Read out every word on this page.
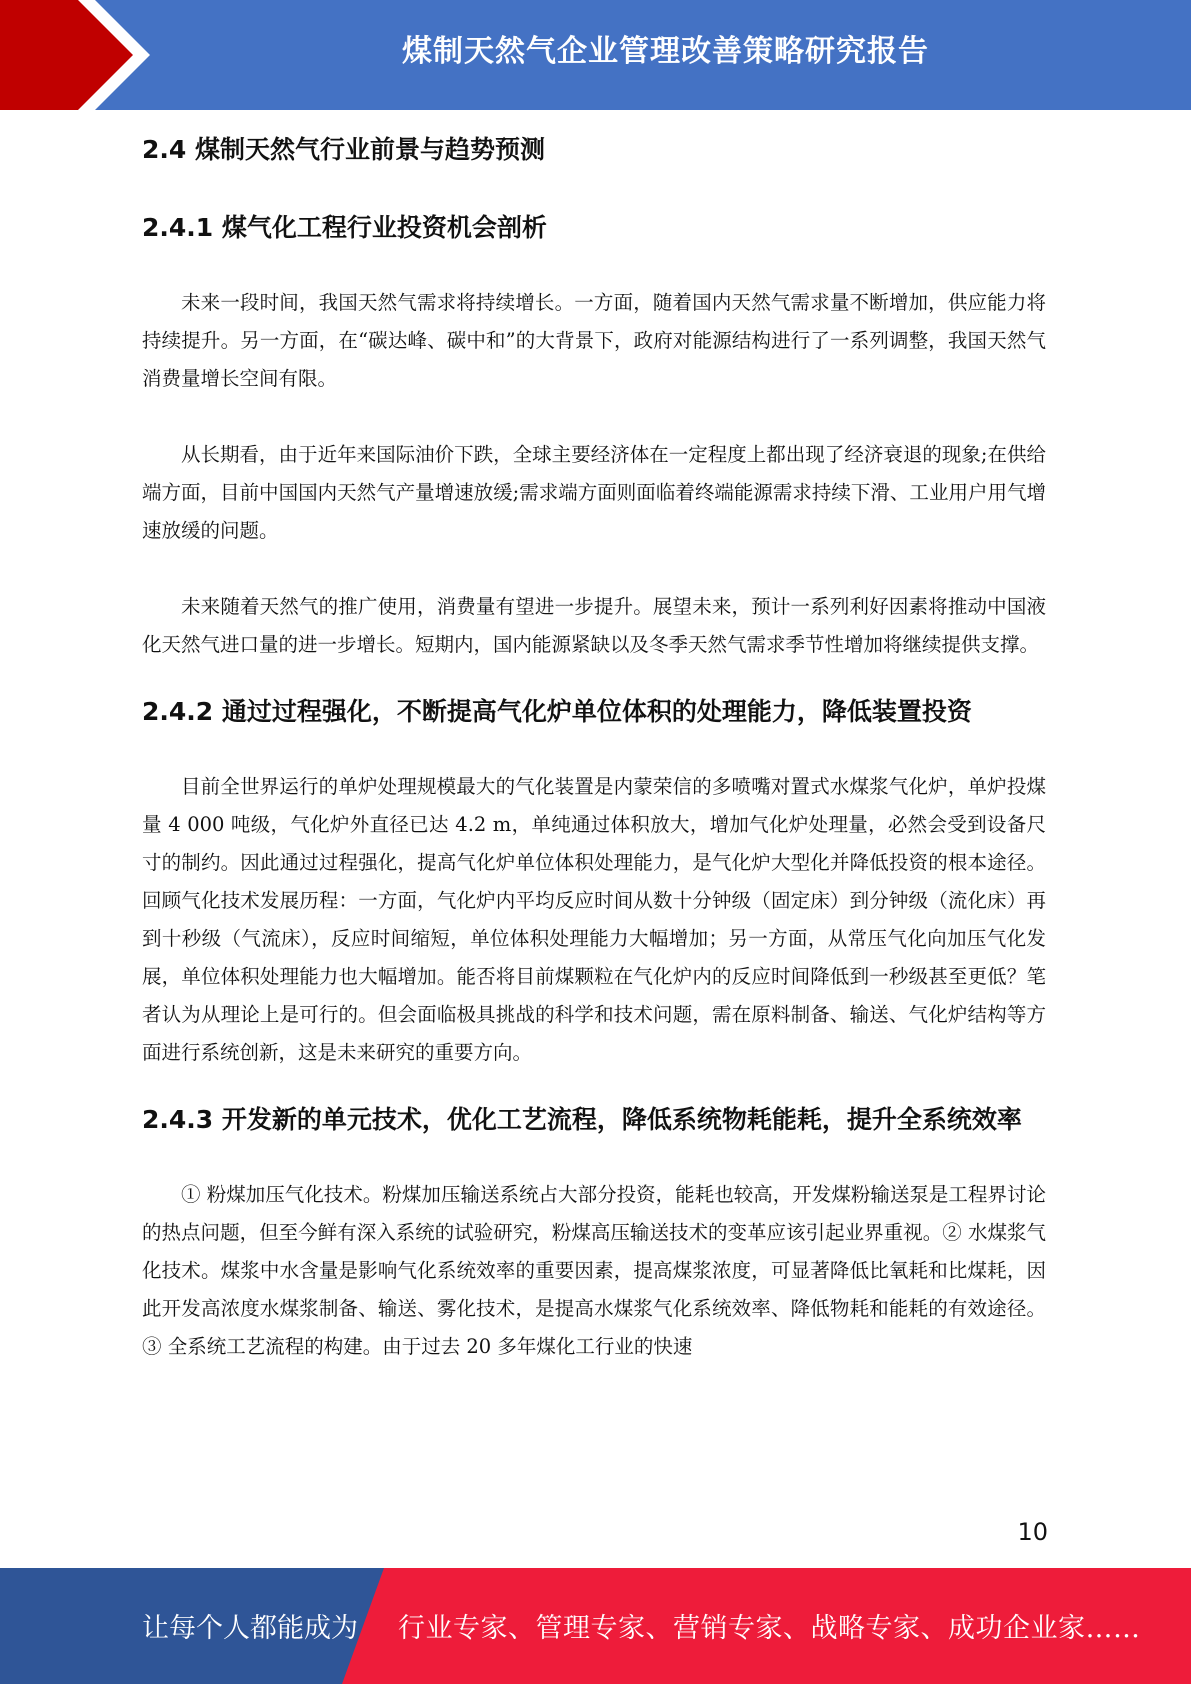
煤制天然气企业管理改善策略研究报告
2.4 煤制天然气行业前景与趋势预测
2.4.1 煤气化工程行业投资机会剖析

未来一段时间，我国天然气需求将持续增长。一方面，随着国内天然气需求量不断增加，供应能力将持续提升。另一方面，在“碳达峰、碳中和”的大背景下，政府对能源结构进行了一系列调整，我国天然气消费量增长空间有限。

从长期看，由于近年来国际油价下跌，全球主要经济体在一定程度上都出现了经济衰退的现象;在供给端方面，目前中国国内天然气产量增速放缓;需求端方面则面临着终端能源需求持续下滑、工业用户用气增速放缓的问题。

未来随着天然气的推广使用，消费量有望进一步提升。展望未来，预计一系列利好因素将推动中国液化天然气进口量的进一步增长。短期内，国内能源紧缺以及冬季天然气需求季节性增加将继续提供支撑。

2.4.2 通过过程强化，不断提高气化炉单位体积的处理能力，降低装置投资

目前全世界运行的单炉处理规模最大的气化装置是内蒙荣信的多喷嘴对置式水煤浆气化炉，单炉投煤量 4 000 吨级，气化炉外直径已达 4.2 m，单纯通过体积放大，增加气化炉处理量，必然会受到设备尺寸的制约。因此通过过程强化，提高气化炉单位体积处理能力，是气化炉大型化并降低投资的根本途径。回顾气化技术发展历程：一方面，气化炉内平均反应时间从数十分钟级（固定床）到分钟级（流化床）再到十秒级（气流床），反应时间缩短，单位体积处理能力大幅增加；另一方面，从常压气化向加压气化发展，单位体积处理能力也大幅增加。能否将目前煤颗粒在气化炉内的反应时间降低到一秒级甚至更低？笔者认为从理论上是可行的。但会面临极具挑战的科学和技术问题，需在原料制备、输送、气化炉结构等方面进行系统创新，这是未来研究的重要方向。

2.4.3 开发新的单元技术，优化工艺流程，降低系统物耗能耗，提升全系统效率

① 粉煤加压气化技术。粉煤加压输送系统占大部分投资，能耗也较高，开发煤粉输送泵是工程界讨论的热点问题，但至今鲜有深入系统的试验研究，粉煤高压输送技术的变革应该引起业界重视。② 水煤浆气化技术。煤浆中水含量是影响气化系统效率的重要因素，提高煤浆浓度，可显著降低比氧耗和比煤耗，因此开发高浓度水煤浆制备、输送、雾化技术，是提高水煤浆气化系统效率、降低物耗和能耗的有效途径。③ 全系统工艺流程的构建。由于过去 20 多年煤化工行业的快速

10
让每个人都能成为 行业专家、管理专家、营销专家、战略专家、成功企业家……
